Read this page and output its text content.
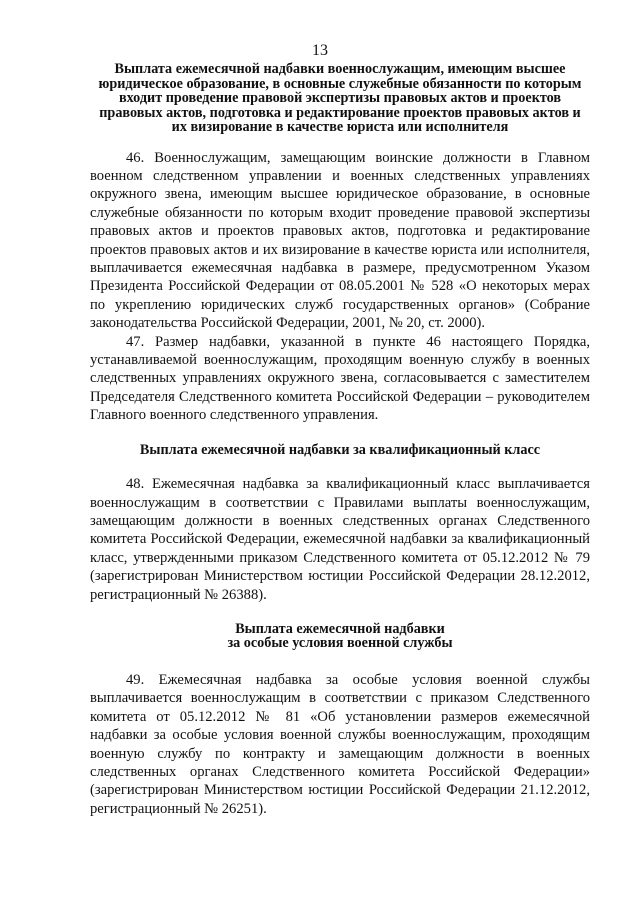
13

Выплата ежемесячной надбавки военнослужащим, имеющим высшее юридическое образование, в основные служебные обязанности по которым входит проведение правовой экспертизы правовых актов и проектов правовых актов, подготовка и редактирование проектов правовых актов и их визирование в качестве юриста или исполнителя

46. Военнослужащим, замещающим воинские должности в Главном военном следственном управлении и военных следственных управлениях окружного звена, имеющим высшее юридическое образование, в основные служебные обязанности по которым входит проведение правовой экспертизы правовых актов и проектов правовых актов, подготовка и редактирование проектов правовых актов и их визирование в качестве юриста или исполнителя, выплачивается ежемесячная надбавка в размере, предусмотренном Указом Президента Российской Федерации от 08.05.2001 № 528 «О некоторых мерах по укреплению юридических служб государственных органов» (Собрание законодательства Российской Федерации, 2001, № 20, ст. 2000).

47. Размер надбавки, указанной в пункте 46 настоящего Порядка, устанавливаемой военнослужащим, проходящим военную службу в военных следственных управлениях окружного звена, согласовывается с заместителем Председателя Следственного комитета Российской Федерации – руководителем Главного военного следственного управления.

Выплата ежемесячной надбавки за квалификационный класс

48. Ежемесячная надбавка за квалификационный класс выплачивается военнослужащим в соответствии с Правилами выплаты военнослужащим, замещающим должности в военных следственных органах Следственного комитета Российской Федерации, ежемесячной надбавки за квалификационный класс, утвержденными приказом Следственного комитета от 05.12.2012 № 79 (зарегистрирован Министерством юстиции Российской Федерации 28.12.2012, регистрационный № 26388).

Выплата ежемесячной надбавки
за особые условия военной службы

49. Ежемесячная надбавка за особые условия военной службы выплачивается военнослужащим в соответствии с приказом Следственного комитета от 05.12.2012 № 81 «Об установлении размеров ежемесячной надбавки за особые условия военной службы военнослужащим, проходящим военную службу по контракту и замещающим должности в военных следственных органах Следственного комитета Российской Федерации» (зарегистрирован Министерством юстиции Российской Федерации 21.12.2012, регистрационный № 26251).
